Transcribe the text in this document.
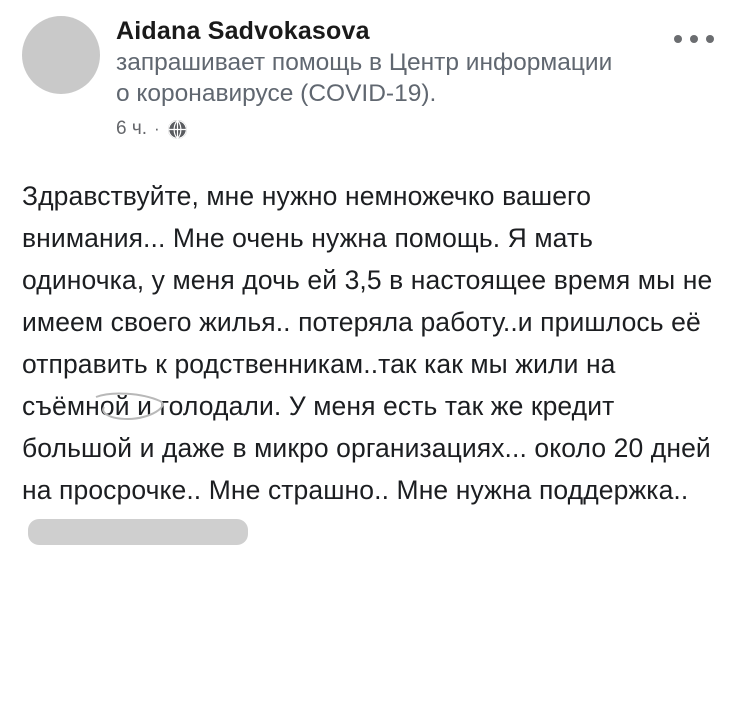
Aidana Sadvokasova
запрашивает помощь в Центр информации о коронавирусе (COVID-19).
6 ч. ·

Здравствуйте, мне нужно немножечко вашего внимания... Мне очень нужна помощь. Я мать одиночка, у меня дочь ей 3,5 в настоящее время мы не имеем своего жилья.. потеряла работу..и пришлось её отправить к родственникам..так как мы жили на съёмной и голодали. У меня есть так же кредит большой и даже в микро организациях... около 20 дней на просрочке.. Мне страшно.. Мне нужна поддержка..
